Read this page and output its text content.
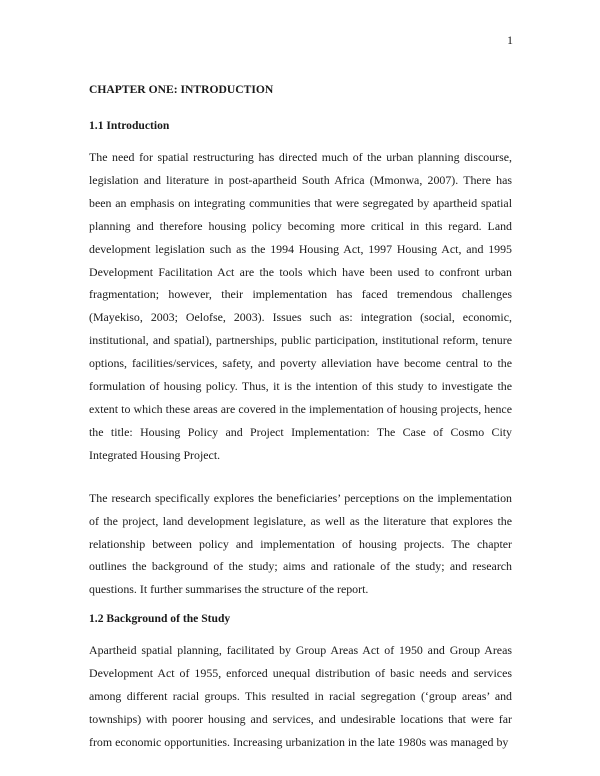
1
CHAPTER ONE: INTRODUCTION
1.1 Introduction

The need for spatial restructuring has directed much of the urban planning discourse, legislation and literature in post-apartheid South Africa (Mmonwa, 2007). There has been an emphasis on integrating communities that were segregated by apartheid spatial planning and therefore housing policy becoming more critical in this regard. Land development legislation such as the 1994 Housing Act, 1997 Housing Act, and 1995 Development Facilitation Act are the tools which have been used to confront urban fragmentation; however, their implementation has faced tremendous challenges (Mayekiso, 2003; Oelofse, 2003). Issues such as: integration (social, economic, institutional, and spatial), partnerships, public participation, institutional reform, tenure options, facilities/services, safety, and poverty alleviation have become central to the formulation of housing policy. Thus, it is the intention of this study to investigate the extent to which these areas are covered in the implementation of housing projects, hence the title: Housing Policy and Project Implementation: The Case of Cosmo City Integrated Housing Project.

The research specifically explores the beneficiaries’ perceptions on the implementation of the project, land development legislature, as well as the literature that explores the relationship between policy and implementation of housing projects. The chapter outlines the background of the study; aims and rationale of the study; and research questions. It further summarises the structure of the report.

1.2 Background of the Study

Apartheid spatial planning, facilitated by Group Areas Act of 1950 and Group Areas Development Act of 1955, enforced unequal distribution of basic needs and services among different racial groups. This resulted in racial segregation (‘group areas’ and townships) with poorer housing and services, and undesirable locations that were far from economic opportunities. Increasing urbanization in the late 1980s was managed by
